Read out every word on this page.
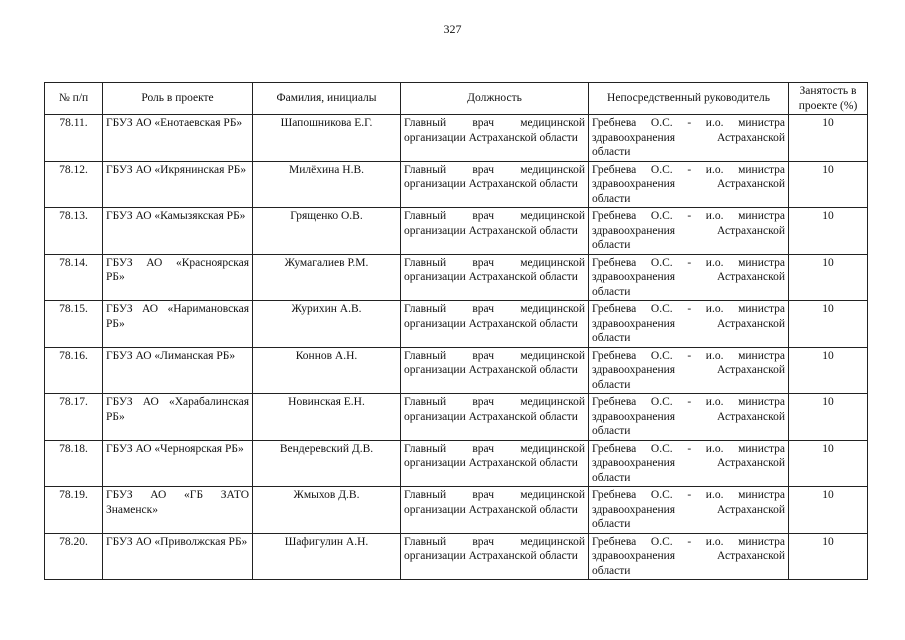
327
№ п/п	Роль в проекте	Фамилия, инициалы	Должность	Непосредственный руководитель	Занятость в проекте (%)
78.11.	ГБУЗ АО «Енотаевская РБ»	Шапошникова Е.Г.	Главный врач медицинской организации Астраханской области	Гребнева О.С. - и.о. министра здравоохранения Астраханской области	10
78.12.	ГБУЗ АО «Икрянинская РБ»	Милёхина Н.В.	Главный врач медицинской организации Астраханской области	Гребнева О.С. - и.о. министра здравоохранения Астраханской области	10
78.13.	ГБУЗ АО «Камызякская РБ»	Грященко О.В.	Главный врач медицинской организации Астраханской области	Гребнева О.С. - и.о. министра здравоохранения Астраханской области	10
78.14.	ГБУЗ АО «Красноярская РБ»	Жумагалиев Р.М.	Главный врач медицинской организации Астраханской области	Гребнева О.С. - и.о. министра здравоохранения Астраханской области	10
78.15.	ГБУЗ АО «Наримановская РБ»	Журихин А.В.	Главный врач медицинской организации Астраханской области	Гребнева О.С. - и.о. министра здравоохранения Астраханской области	10
78.16.	ГБУЗ АО «Лиманская РБ»	Коннов А.Н.	Главный врач медицинской организации Астраханской области	Гребнева О.С. - и.о. министра здравоохранения Астраханской области	10
78.17.	ГБУЗ АО «Харабалинская РБ»	Новинская Е.Н.	Главный врач медицинской организации Астраханской области	Гребнева О.С. - и.о. министра здравоохранения Астраханской области	10
78.18.	ГБУЗ АО «Черноярская РБ»	Вендеревский Д.В.	Главный врач медицинской организации Астраханской области	Гребнева О.С. - и.о. министра здравоохранения Астраханской области	10
78.19.	ГБУЗ АО «ГБ ЗАТО Знаменск»	Жмыхов Д.В.	Главный врач медицинской организации Астраханской области	Гребнева О.С. - и.о. министра здравоохранения Астраханской области	10
78.20.	ГБУЗ АО «Приволжская РБ»	Шафигулин А.Н.	Главный врач медицинской организации Астраханской области	Гребнева О.С. - и.о. министра здравоохранения Астраханской области	10
